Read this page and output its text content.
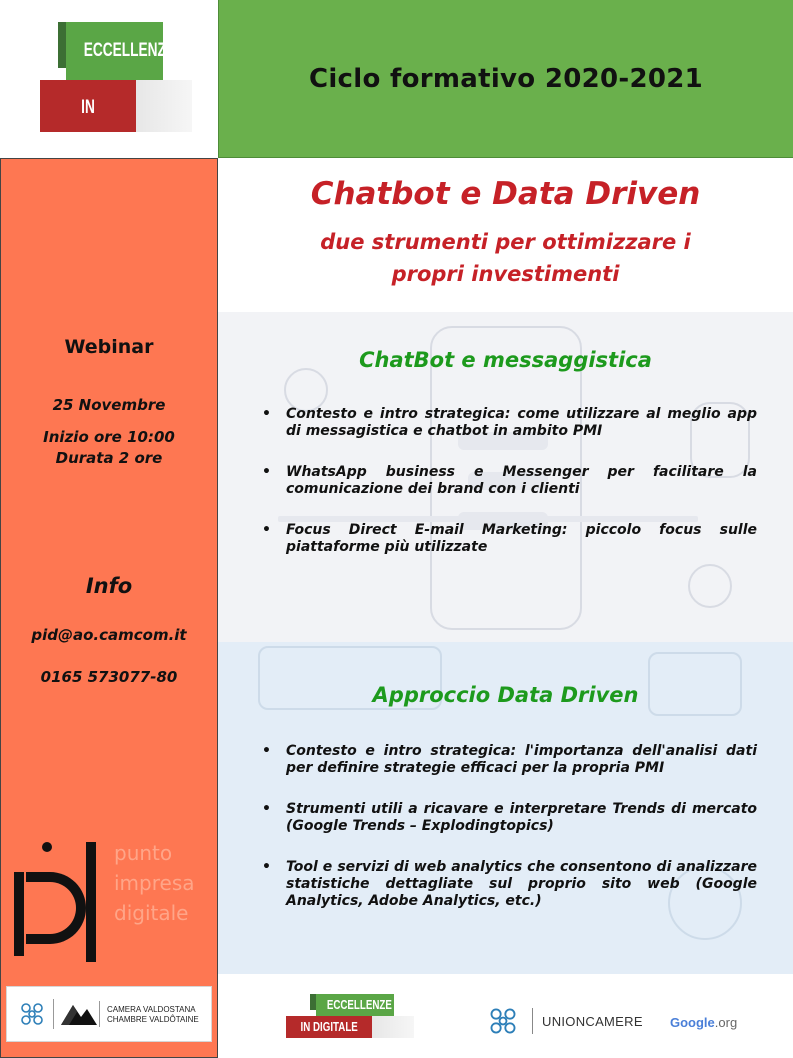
ECCELLENZE
IN
Ciclo formativo 2020-2021
Webinar
25 Novembre
Inizio ore 10:00
Durata 2 ore
Info
pid@ao.camcom.it
0165 573077-80
punto
impresa
digitale
CAMERA VALDOSTANA
CHAMBRE VALDÔTAINE
Chatbot e Data Driven
due strumenti per ottimizzare i
propri investimenti
ChatBot e messaggistica
• Contesto e intro strategica: come utilizzare al meglio app di messagistica e chatbot in ambito PMI
• WhatsApp business e Messenger per facilitare la comunicazione dei brand con i clienti
• Focus Direct E-mail Marketing: piccolo focus sulle piattaforme più utilizzate
Approccio Data Driven
• Contesto e intro strategica: l'importanza dell'analisi dati per definire strategie efficaci per la propria PMI
• Strumenti utili a ricavare e interpretare Trends di mercato (Google Trends – Explodingtopics)
• Tool e servizi di web analytics che consentono di analizzare statistiche dettagliate sul proprio sito web (Google Analytics, Adobe Analytics, etc.)
ECCELLENZE
IN DIGITALE	UNIONCAMERE Google.org
